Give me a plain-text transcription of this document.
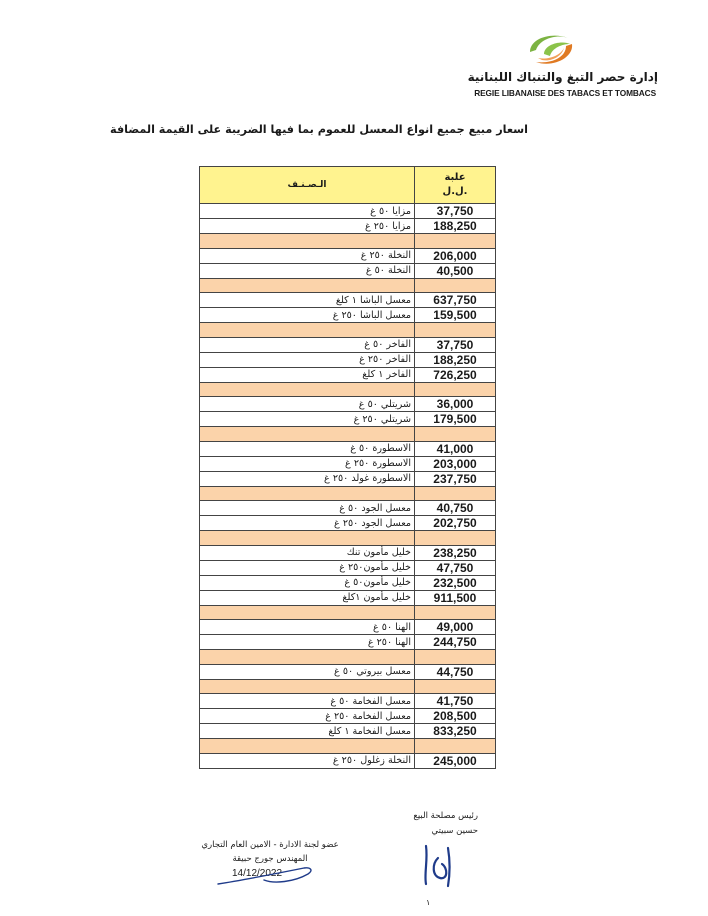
إدارة حصر التبغ والتنباك اللبنانية
REGIE LIBANAISE DES TABACS ET TOMBACS
اسعار مبيع جميع انواع المعسل للعموم بما فيها الضريبة على القيمة المضافة
الـصـنـف	علبة
ل.ل.

مزايا ٥٠ غ	37,750
مزايا ٢٥٠ غ	188,250

النخلة ٢٥٠ غ	206,000
النخلة ٥٠ غ	40,500

معسل الباشا ١ كلغ	637,750
معسل الباشا ٢٥٠ غ	159,500

الفاخر ٥٠ غ	37,750
الفاخر ٢٥٠ غ	188,250
الفاخر ١ كلغ	726,250

شريتلي ٥٠ غ	36,000
شريتلي ٢٥٠ غ	179,500

الاسطورة ٥٠ غ	41,000
الاسطورة ٢٥٠ غ	203,000
الاسطورة غولد ٢٥٠ غ	237,750

معسل الجود ٥٠ غ	40,750
معسل الجود ٢٥٠ غ	202,750

خليل مأمون تنك	238,250
خليل مأمون٢٥٠ غ	47,750
خليل مأمون٥٠ غ	232,500
خليل مأمون ١كلغ	911,500

الهنا ٥٠ غ	49,000
الهنا ٢٥٠ غ	244,750

معسل بيروتي ٥٠ غ	44,750

معسل الفخامة ٥٠ غ	41,750
معسل الفخامة ٢٥٠ غ	208,500
معسل الفخامة ١ كلغ	833,250

النخلة زغلول ٢٥٠ غ	245,000
رئيس مصلحة البيع
حسين سبيتي
عضو لجنة الادارة - الامين العام التجاري
المهندس جورج حبيقة
14/12/2022
١
